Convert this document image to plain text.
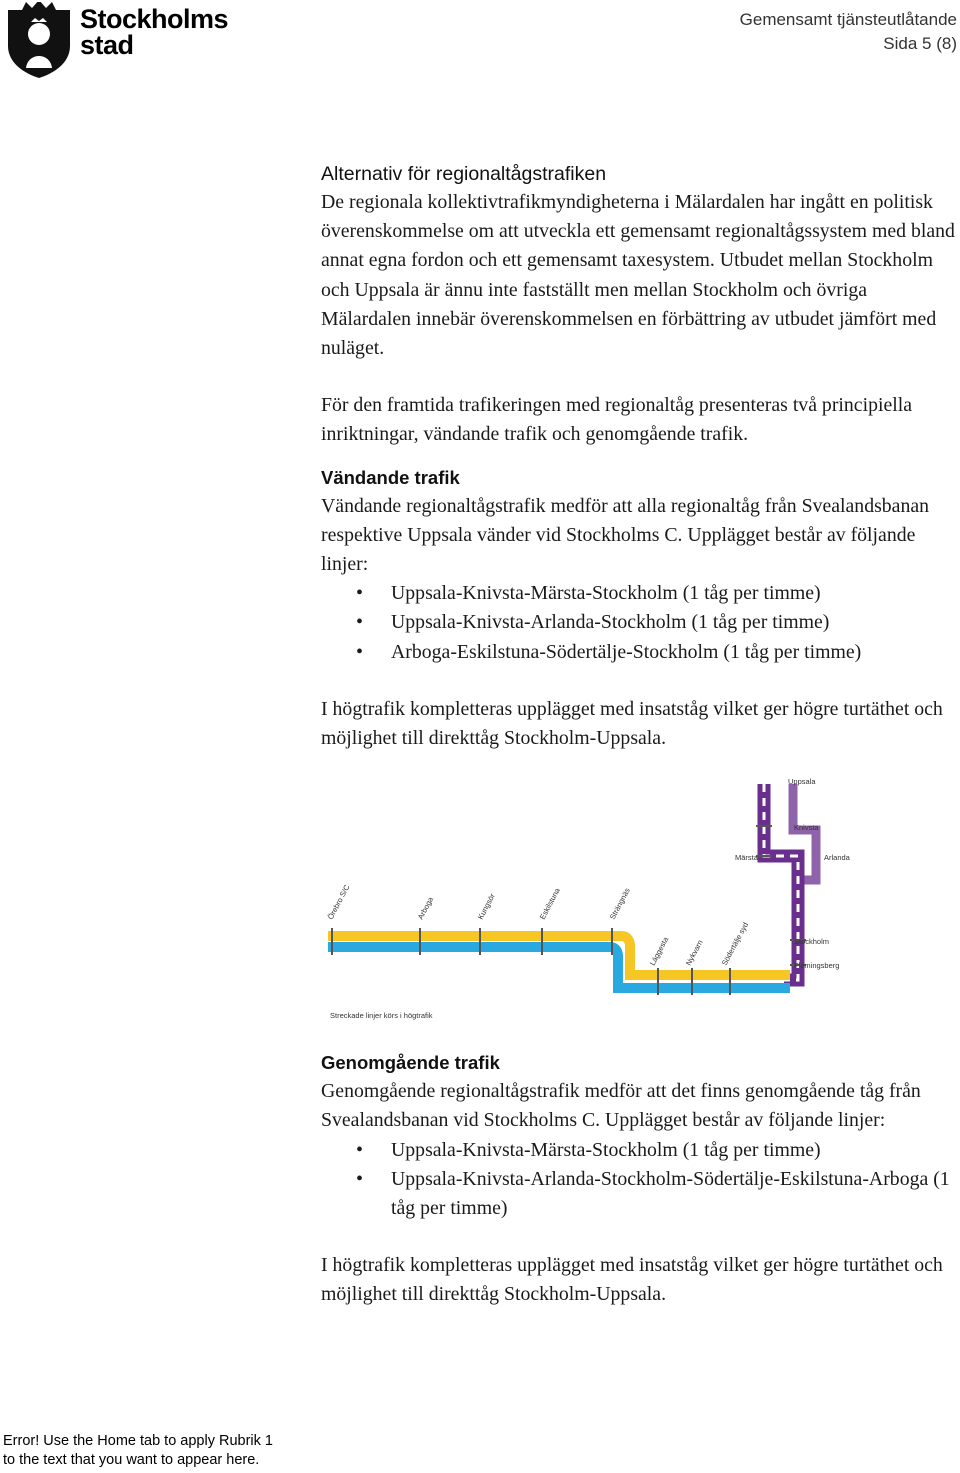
Stockholms
stad
Gemensamt tjänsteutlåtande
Sida 5 (8)
Alternativ för regionaltågstrafiken

De regionala kollektivtrafikmyndigheterna i Mälardalen har ingått en politisk överenskommelse om att utveckla ett gemensamt regionaltågssystem med bland annat egna fordon och ett gemensamt taxesystem. Utbudet mellan Stockholm och Uppsala är ännu inte fastställt men mellan Stockholm och övriga Mälardalen innebär överenskommelsen en förbättring av utbudet jämfört med nuläget.

För den framtida trafikeringen med regionaltåg presenteras två principiella inriktningar, vändande trafik och genomgående trafik.

Vändande trafik

Vändande regionaltågstrafik medför att alla regionaltåg från Svealandsbanan respektive Uppsala vänder vid Stockholms C. Upplägget består av följande linjer:

• Uppsala-Knivsta-Märsta-Stockholm (1 tåg per timme)
• Uppsala-Knivsta-Arlanda-Stockholm (1 tåg per timme)
• Arboga-Eskilstuna-Södertälje-Stockholm (1 tåg per timme)

I högtrafik kompletteras upplägget med insatståg vilket ger högre turtäthet och möjlighet till direkttåg Stockholm-Uppsala.

Genomgående trafik

Genomgående regionaltågstrafik medför att det finns genomgående tåg från Svealandsbanan vid Stockholms C. Upplägget består av följande linjer:

• Uppsala-Knivsta-Märsta-Stockholm (1 tåg per timme)
• Uppsala-Knivsta-Arlanda-Stockholm-Södertälje-Eskilstuna-Arboga (1 tåg per timme)

I högtrafik kompletteras upplägget med insatståg vilket ger högre turtäthet och möjlighet till direkttåg Stockholm-Uppsala.

Uppsala
Knivsta
Märsta	Arlanda
Stockholm
Flemingsberg
Örebro S/C	Arboga	Kungsör	Eskilstuna	Strängnäs
Läggesta Nykvarn Södertälje syd
Streckade linjer körs i högtrafik
Error! Use the Home tab to apply Rubrik 1
to the text that you want to appear here.
